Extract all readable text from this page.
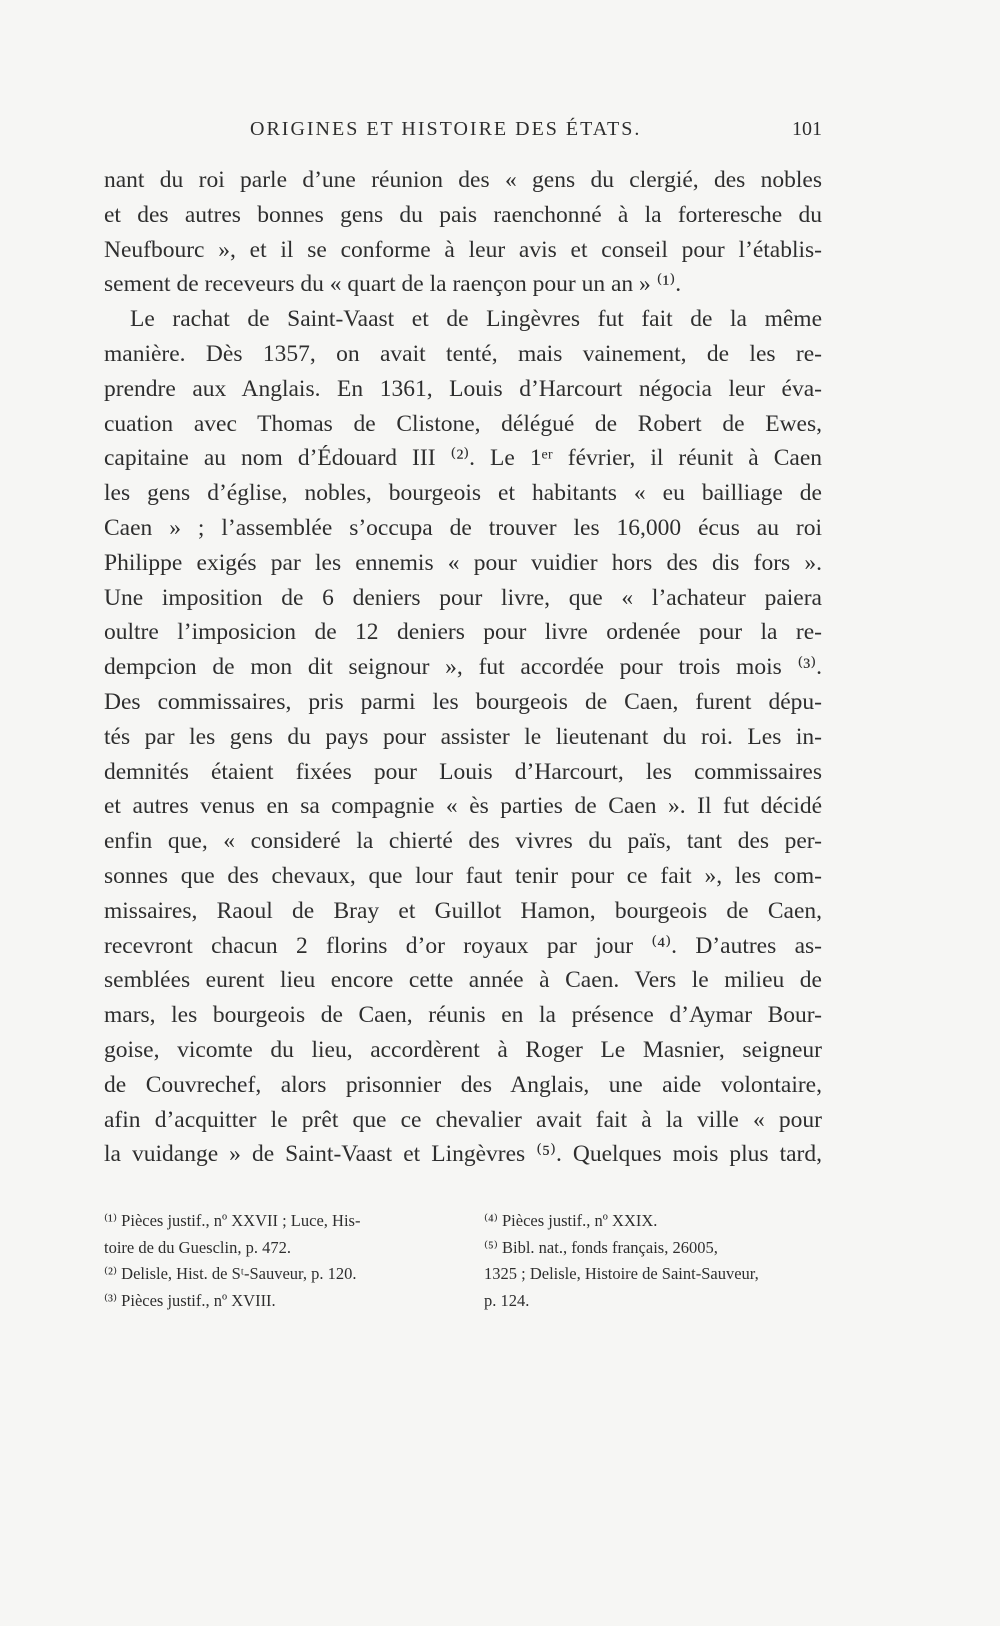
ORIGINES ET HISTOIRE DES ÉTATS.	101
nant du roi parle d’une réunion des « gens du clergié, des nobles
et des autres bonnes gens du pais raenchonné à la forteresche du
Neufbourc », et il se conforme à leur avis et conseil pour l’établis-
sement de receveurs du « quart de la raençon pour un an » ⁽¹⁾.
Le rachat de Saint-Vaast et de Lingèvres fut fait de la même
manière. Dès 1357, on avait tenté, mais vainement, de les re-
prendre aux Anglais. En 1361, Louis d’Harcourt négocia leur éva-
cuation avec Thomas de Clistone, délégué de Robert de Ewes,
capitaine au nom d’Édouard III ⁽²⁾. Le 1ᵉʳ février, il réunit à Caen
les gens d’église, nobles, bourgeois et habitants « eu bailliage de
Caen » ; l’assemblée s’occupa de trouver les 16,000 écus au roi
Philippe exigés par les ennemis « pour vuidier hors des dis fors ».
Une imposition de 6 deniers pour livre, que « l’achateur paiera
oultre l’imposicion de 12 deniers pour livre ordenée pour la re-
dempcion de mon dit seignour », fut accordée pour trois mois ⁽³⁾.
Des commissaires, pris parmi les bourgeois de Caen, furent dépu-
tés par les gens du pays pour assister le lieutenant du roi. Les in-
demnités étaient fixées pour Louis d’Harcourt, les commissaires
et autres venus en sa compagnie « ès parties de Caen ». Il fut décidé
enfin que, « consideré la chierté des vivres du païs, tant des per-
sonnes que des chevaux, que lour faut tenir pour ce fait », les com-
missaires, Raoul de Bray et Guillot Hamon, bourgeois de Caen,
recevront chacun 2 florins d’or royaux par jour ⁽⁴⁾. D’autres as-
semblées eurent lieu encore cette année à Caen. Vers le milieu de
mars, les bourgeois de Caen, réunis en la présence d’Aymar Bour-
goise, vicomte du lieu, accordèrent à Roger Le Masnier, seigneur
de Couvrechef, alors prisonnier des Anglais, une aide volontaire,
afin d’acquitter le prêt que ce chevalier avait fait à la ville « pour
la vuidange » de Saint-Vaast et Lingèvres ⁽⁵⁾. Quelques mois plus tard,
⁽¹⁾ Pièces justif., nº XXVII ; Luce, His-
toire de du Guesclin, p. 472.
⁽²⁾ Delisle, Hist. de Sᵗ-Sauveur, p. 120.
⁽³⁾ Pièces justif., nº XVIII.
⁽⁴⁾ Pièces justif., nº XXIX.
⁽⁵⁾ Bibl. nat., fonds français, 26005,
1325 ; Delisle, Histoire de Saint-Sauveur,
p. 124.
